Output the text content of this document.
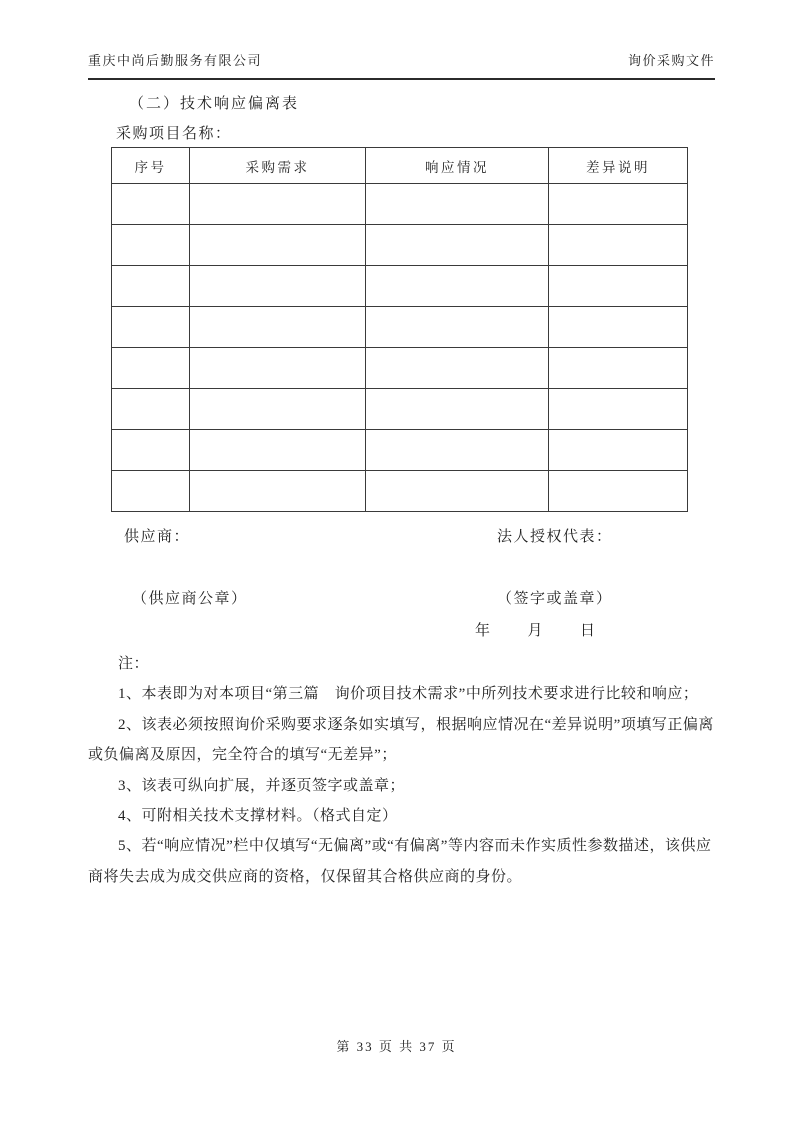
重庆中尚后勤服务有限公司	询价采购文件
（二）技术响应偏离表
采购项目名称：
序号	采购需求	响应情况	差异说明

供应商：	法人授权代表：
（供应商公章）	（签字或盖章）
年	月	日

注：

1、本表即为对本项目“第三篇　询价项目技术需求”中所列技术要求进行比较和响应；

2、该表必须按照询价采购要求逐条如实填写，根据响应情况在“差异说明”项填写正偏离或负偏离及原因，完全符合的填写“无差异”；

3、该表可纵向扩展，并逐页签字或盖章；

4、可附相关技术支撑材料。（格式自定）

5、若“响应情况”栏中仅填写“无偏离”或“有偏离”等内容而未作实质性参数描述，该供应商将失去成为成交供应商的资格，仅保留其合格供应商的身份。

第 33 页 共 37 页
